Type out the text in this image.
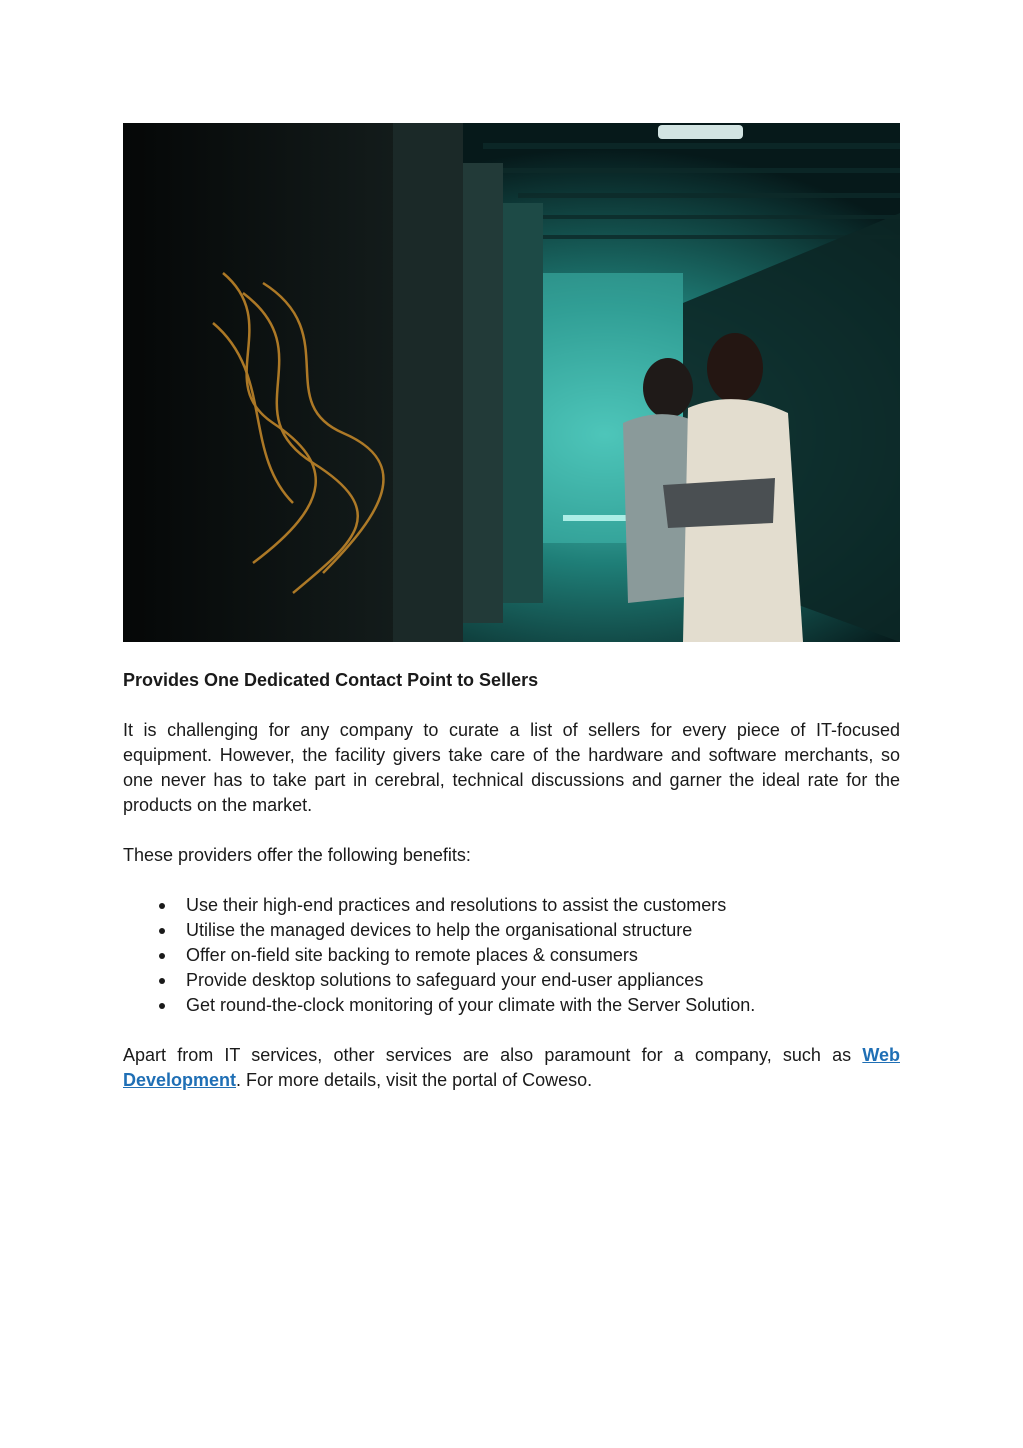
Provides One Dedicated Contact Point to Sellers

It is challenging for any company to curate a list of sellers for every piece of IT-focused equipment. However, the facility givers take care of the hardware and software merchants, so one never has to take part in cerebral, technical discussions and garner the ideal rate for the products on the market.

These providers offer the following benefits:

Use their high-end practices and resolutions to assist the customers
Utilise the managed devices to help the organisational structure
Offer on-field site backing to remote places & consumers
Provide desktop solutions to safeguard your end-user appliances
Get round-the-clock monitoring of your climate with the Server Solution.

Apart from IT services, other services are also paramount for a company, such as Web Development. For more details, visit the portal of Coweso.
